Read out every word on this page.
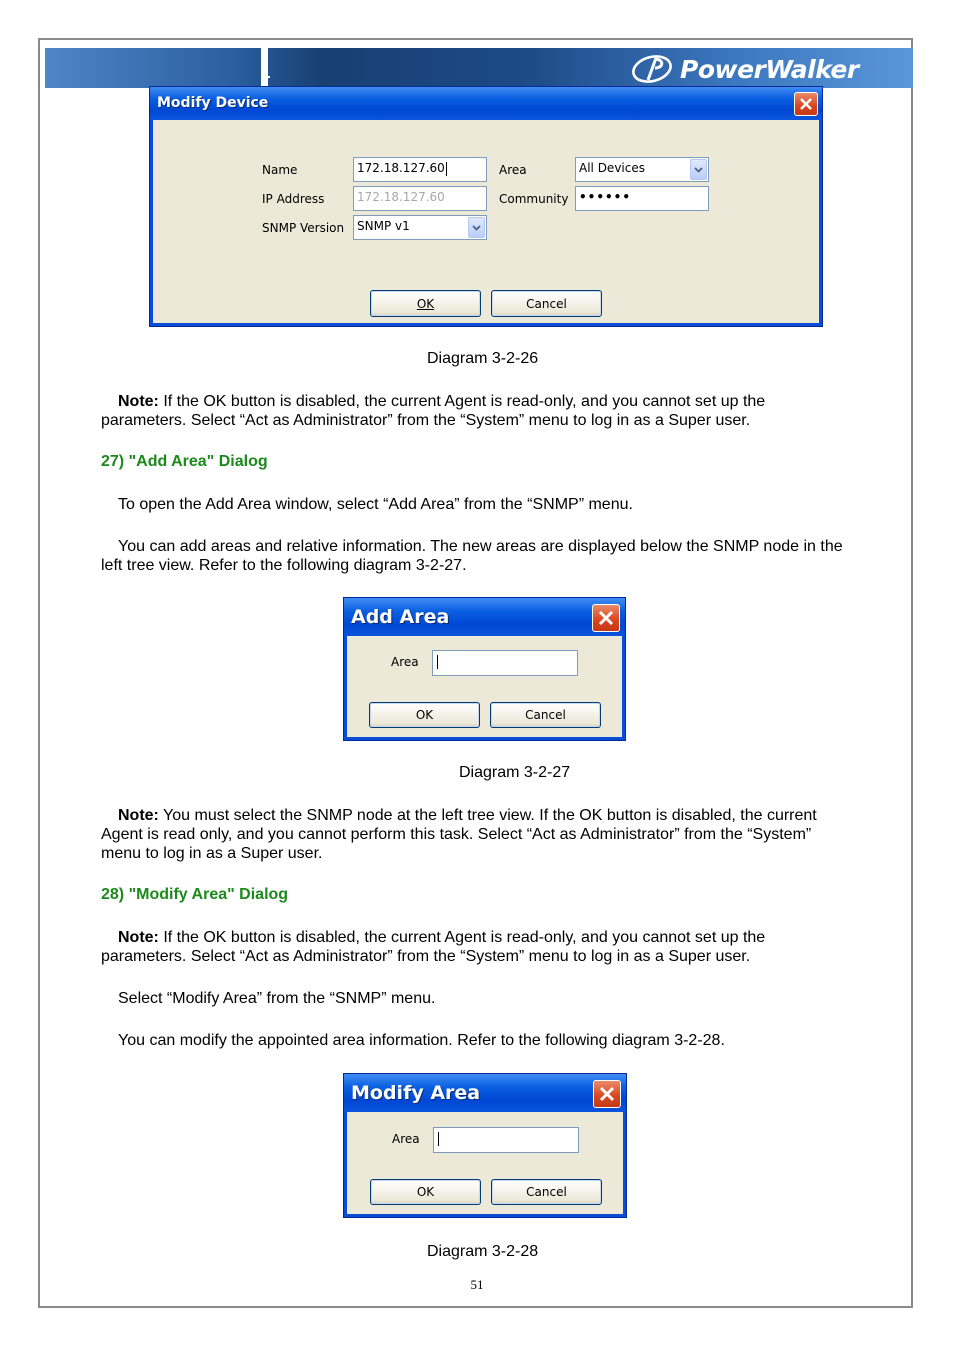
PowerWalker
Modify Device
Name	172.18.127.60
IP Address	172.18.127.60
SNMP Version	SNMP v1
Area	All Devices
Community ••••••
OK	Cancel
Diagram 3-2-26
Note: If the OK button is disabled, the current Agent is read-only, and you cannot set up the parameters. Select “Act as Administrator” from the “System” menu to log in as a Super user.
27) "Add Area" Dialog
To open the Add Area window, select “Add Area” from the “SNMP” menu.
You can add areas and relative information. The new areas are displayed below the SNMP node in the left tree view. Refer to the following diagram 3-2-27.
Add Area
Area
OK	Cancel
Diagram 3-2-27
Note: You must select the SNMP node at the left tree view. If the OK button is disabled, the current Agent is read only, and you cannot perform this task. Select “Act as Administrator” from the “System” menu to log in as a Super user.
28) "Modify Area" Dialog
Note: If the OK button is disabled, the current Agent is read-only, and you cannot set up the parameters. Select “Act as Administrator” from the “System” menu to log in as a Super user.
Select “Modify Area” from the “SNMP” menu.
You can modify the appointed area information. Refer to the following diagram 3-2-28.
Modify Area
Area
OK	Cancel
Diagram 3-2-28
51
